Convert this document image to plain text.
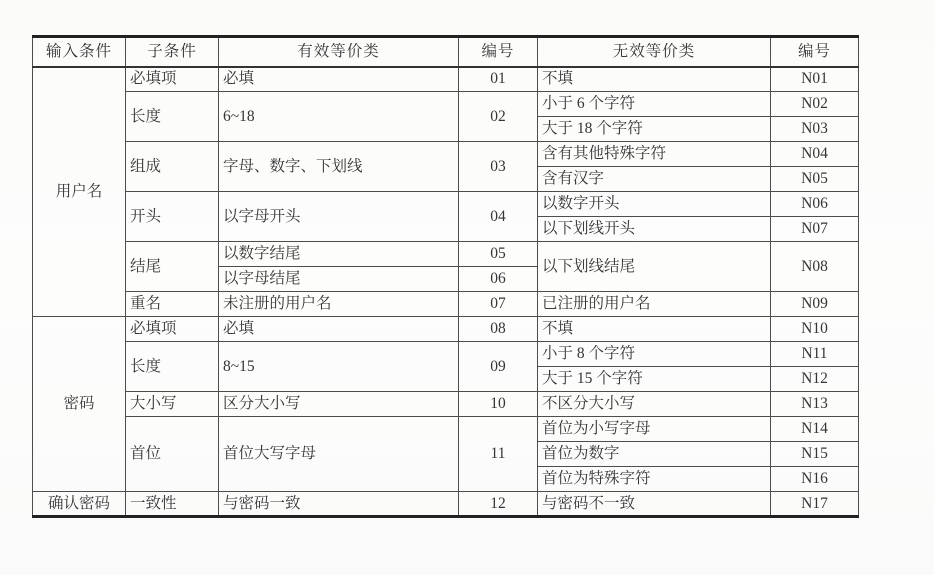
输入条件	子条件	有效等价类	编号	无效等价类	编号
用户名	必填项	必填	01	不填	N01
	长度	6~18	02	小于 6 个字符	N02
				大于 18 个字符	N03
	组成	字母、数字、下划线	03	含有其他特殊字符	N04
				含有汉字	N05
	开头	以字母开头	04	以数字开头	N06
				以下划线开头	N07
	结尾	以数字结尾	05	以下划线结尾	N08
		以字母结尾	06		
	重名	未注册的用户名	07	已注册的用户名	N09
密码	必填项	必填	08	不填	N10
	长度	8~15	09	小于 8 个字符	N11
				大于 15 个字符	N12
	大小写	区分大小写	10	不区分大小写	N13
	首位	首位大写字母	11	首位为小写字母	N14
				首位为数字	N15
				首位为特殊字符	N16
确认密码	一致性	与密码一致	12	与密码不一致	N17
